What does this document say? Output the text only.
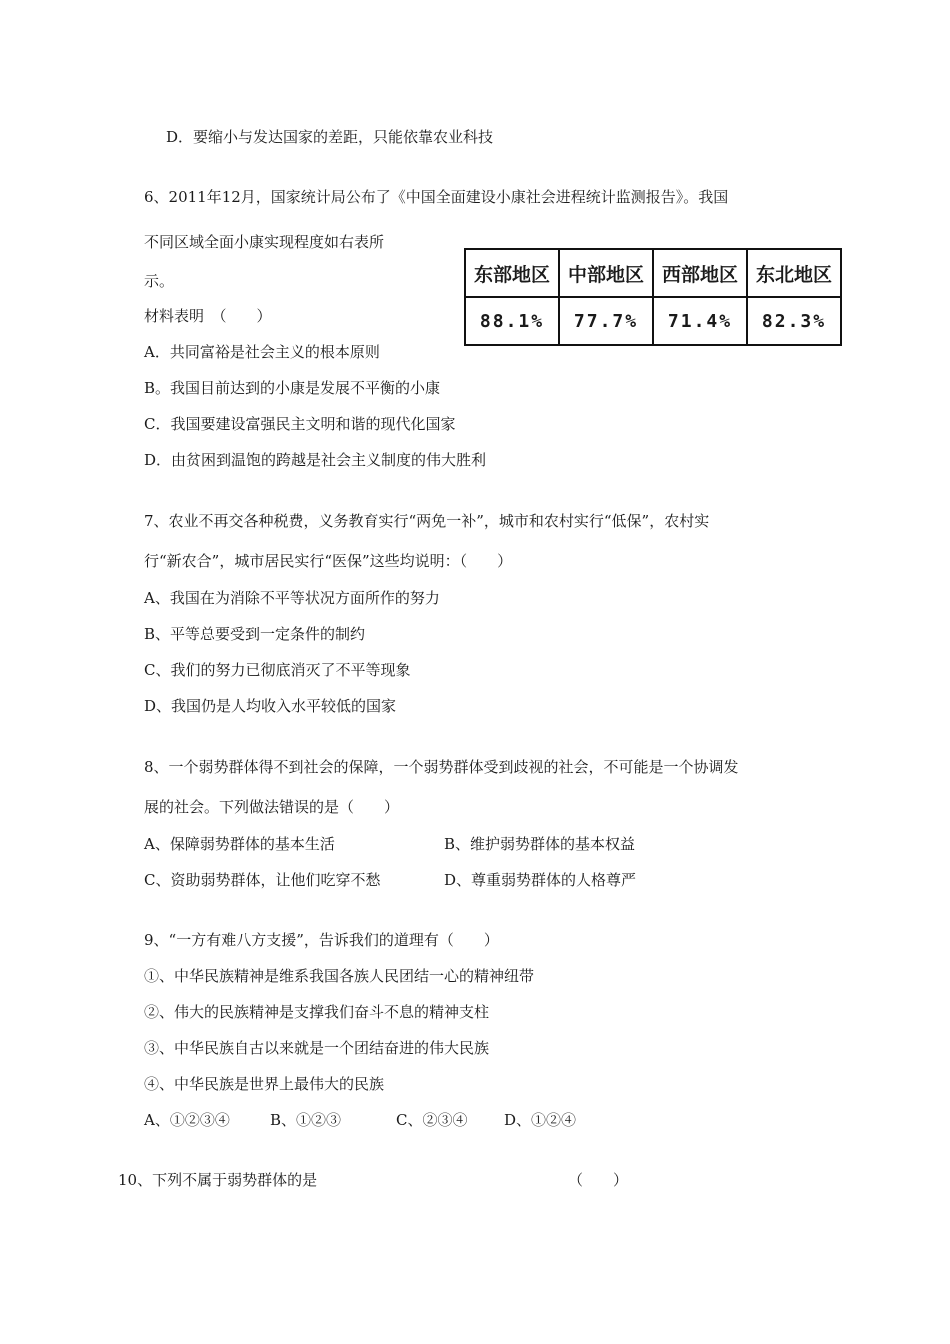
D．要缩小与发达国家的差距，只能依靠农业科技
6、2011年12月，国家统计局公布了《中国全面建设小康社会进程统计监测报告》。我国
不同区域全面小康实现程度如右表所
示。
材料表明　（　　）
东部地区	中部地区	西部地区	东北地区
88.1%	77.7%	71.4%	82.3%
A．共同富裕是社会主义的根本原则
B。我国目前达到的小康是发展不平衡的小康
C．我国要建设富强民主文明和谐的现代化国家
D．由贫困到温饱的跨越是社会主义制度的伟大胜利
7、农业不再交各种税费，义务教育实行“两免一补”，城市和农村实行“低保”，农村实
行“新农合”，城市居民实行“医保”这些均说明：（　　）
A、我国在为消除不平等状况方面所作的努力
B、平等总要受到一定条件的制约
C、我们的努力已彻底消灭了不平等现象
D、我国仍是人均收入水平较低的国家
8、一个弱势群体得不到社会的保障，一个弱势群体受到歧视的社会，不可能是一个协调发
展的社会。下列做法错误的是（　　）
A、保障弱势群体的基本生活	B、维护弱势群体的基本权益
C、资助弱势群体，让他们吃穿不愁	D、尊重弱势群体的人格尊严
9、“一方有难八方支援”，告诉我们的道理有（　　）
①、中华民族精神是维系我国各族人民团结一心的精神纽带
②、伟大的民族精神是支撑我们奋斗不息的精神支柱
③、中华民族自古以来就是一个团结奋进的伟大民族
④、中华民族是世界上最伟大的民族
A、①②③④	B、①②③	C、②③④ D、①②④
10、下列不属于弱势群体的是	（　　）
